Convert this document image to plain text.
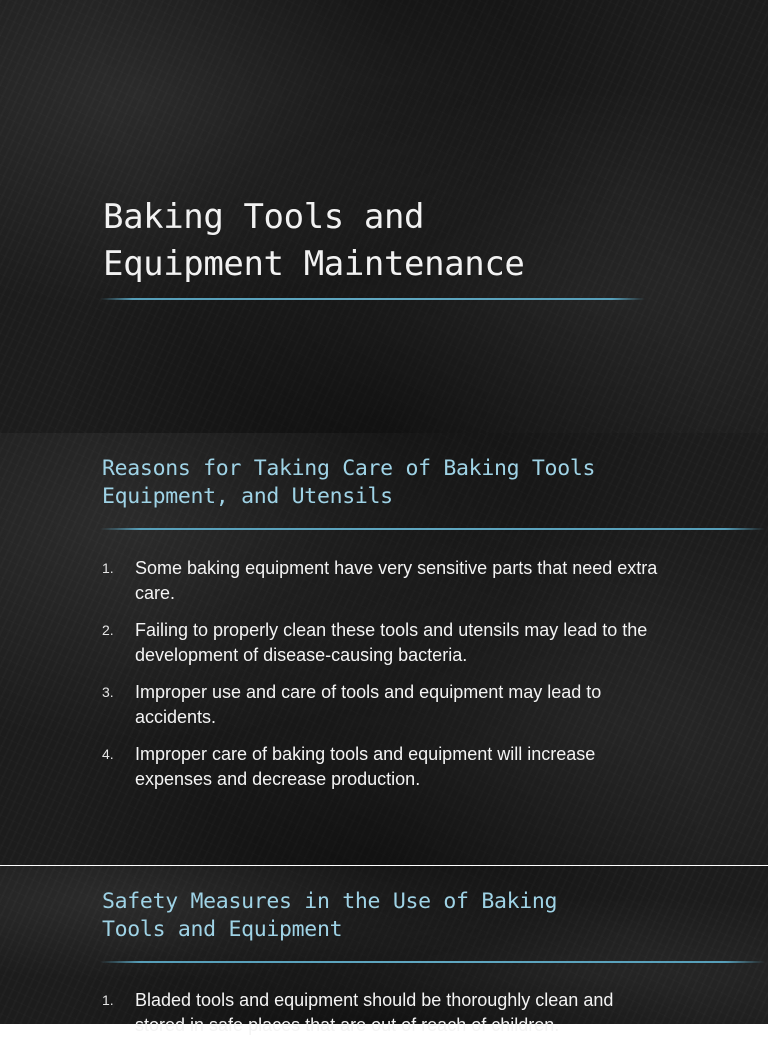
Baking Tools and
Equipment Maintenance
Reasons for Taking Care of Baking Tools
Equipment, and Utensils
1. Some baking equipment have very sensitive parts that need extra care.
2. Failing to properly clean these tools and utensils may lead to the development of disease-causing bacteria.
3. Improper use and care of tools and equipment may lead to accidents.
4. Improper care of baking tools and equipment will increase expenses and decrease production.
Safety Measures in the Use of Baking
Tools and Equipment
1. Bladed tools and equipment should be thoroughly clean and stored in safe places that are out of reach of children.
